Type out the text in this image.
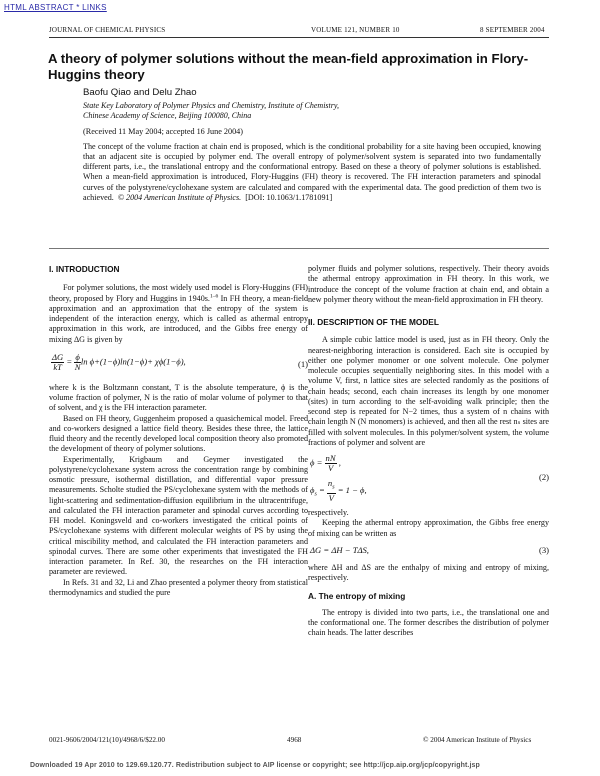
HTML ABSTRACT * LINKS
JOURNAL OF CHEMICAL PHYSICS	VOLUME 121, NUMBER 10	8 SEPTEMBER 2004
A theory of polymer solutions without the mean-field approximation in Flory-Huggins theory
Baofu Qiao and Delu Zhao
State Key Laboratory of Polymer Physics and Chemistry, Institute of Chemistry,
Chinese Academy of Science, Beijing 100080, China
(Received 11 May 2004; accepted 16 June 2004)
The concept of the volume fraction at chain end is proposed, which is the conditional probability for a site having been occupied, knowing that an adjacent site is occupied by polymer end. The overall entropy of polymer/solvent system is separated into two fundamentally different parts, i.e., the translational entropy and the conformational entropy. Based on these a theory of polymer solutions is established. When a mean-field approximation is introduced, Flory-Huggins (FH) theory is recovered. The FH interaction parameters and spinodal curves of the polystyrene/cyclohexane system are calculated and compared with the experimental data. The good prediction of them two is achieved. © 2004 American Institute of Physics. [DOI: 10.1063/1.1781091]

I. INTRODUCTION

For polymer solutions, the most widely used model is Flory-Huggins (FH) theory, proposed by Flory and Huggins in 1940s.$^{1-6}$ In FH theory, a mean-field approximation and an approximation that the entropy of the system is independent of the interaction energy, which is called as athermal entropy approximation in this work, are introduced, and the Gibbs free energy of mixing ΔG is given by

$\frac{\Delta G}{kT} = \frac{\phi}{N}$ ln ϕ+(1−ϕ)ln(1−ϕ)+ χϕ(1−ϕ),	(1)

where k is the Boltzmann constant, T is the absolute temperature, ϕ is the volume fraction of polymer, N is the ratio of molar volume of polymer to that of solvent, and χ is the FH interaction parameter.

Based on FH theory, Guggenheim proposed a quasichemical model. Freed and co-workers designed a lattice field theory. Besides these three, the lattice fluid theory and the recently developed local composition theory also promoted the development of theory of polymer solutions.

Experimentally, Krigbaum and Geymer investigated the polystyrene/cyclohexane system across the concentration range by combining osmotic pressure, isothermal distillation, and differential vapor pressure measurements. Scholte studied the PS/cyclohexane system with the methods of light-scattering and sedimentation-diffusion equilibrium in the ultracentrifuge, and calculated the FH interaction parameter and spinodal curves according to FH model. Koningsveld and co-workers investigated the critical points of PS/cyclohexane systems with different molecular weights of PS by using the critical miscibility method, and calculated the FH interaction parameters and spinodal curves. There are some other experiments that investigated the FH interaction parameter. In Ref. 30, the researches on the FH interaction parameter are reviewed.

In Refs. 31 and 32, Li and Zhao presented a polymer theory from statistical thermodynamics and studied the pure

polymer fluids and polymer solutions, respectively. Their theory avoids the athermal entropy approximation in FH theory. In this work, we introduce the concept of the volume fraction at chain end, and obtain a new polymer theory without the mean-field approximation in FH theory.

II. DESCRIPTION OF THE MODEL

A simple cubic lattice model is used, just as in FH theory. Only the nearest-neighboring interaction is considered. Each site is occupied by either one polymer monomer or one solvent molecule. One polymer molecule occupies sequentially neighboring sites. In this model with a volume V, first, n lattice sites are selected randomly as the positions of chain heads; second, each chain increases its length by one monomer (sites) in turn according to the self-avoiding walk principle; then the second step is repeated for N−2 times, thus a system of n chains with chain length N (N monomers) is achieved, and then all the rest nₛ sites are filled with solvent molecules. In this polymer/solvent system, the volume fractions of polymer and solvent are

$\phi = \frac{nN}{V}$ ,
$\phi_s = \frac{n_s}{V} = 1 - \phi$,
(2)

respectively.

Keeping the athermal entropy approximation, the Gibbs free energy of mixing can be written as

ΔG = ΔH − TΔS,	(3)

where ΔH and ΔS are the enthalpy of mixing and entropy of mixing, respectively.

A. The entropy of mixing

The entropy is divided into two parts, i.e., the translational one and the conformational one. The former describes the distribution of polymer chain heads. The latter describes

0021-9606/2004/121(10)/4968/6/$22.00	4968	© 2004 American Institute of Physics
Downloaded 19 Apr 2010 to 129.69.120.77. Redistribution subject to AIP license or copyright; see http://jcp.aip.org/jcp/copyright.jsp
